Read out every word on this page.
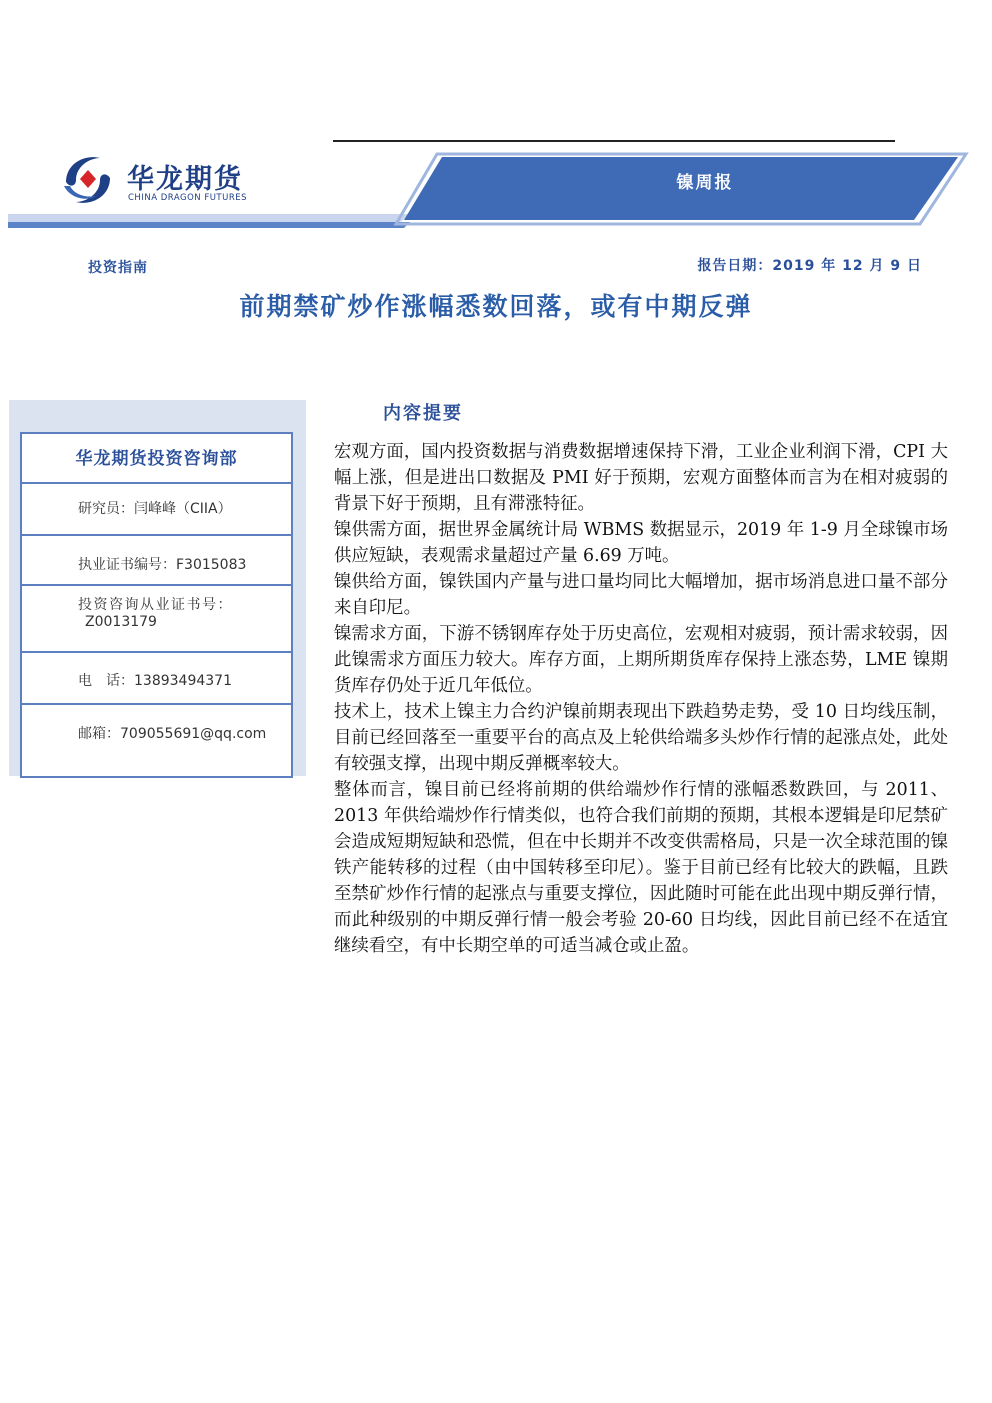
华龙期货
CHINA DRAGON FUTURES
镍周报
投资指南	报告日期：2019 年 12 月 9 日
前期禁矿炒作涨幅悉数回落，或有中期反弹
华龙期货投资咨询部
研究员：闫峰峰（CIIA）
执业证书编号：F3015083
投资咨询从业证书号：
Z0013179
电　话：13893494371
邮箱：709055691@qq.com
内容提要

宏观方面，国内投资数据与消费数据增速保持下滑，工业企业利润下滑，CPI 大幅上涨，但是进出口数据及 PMI 好于预期，宏观方面整体而言为在相对疲弱的背景下好于预期，且有滞涨特征。

镍供需方面，据世界金属统计局 WBMS 数据显示，2019 年 1-9 月全球镍市场供应短缺，表观需求量超过产量 6.69 万吨。

镍供给方面，镍铁国内产量与进口量均同比大幅增加，据市场消息进口量不部分来自印尼。

镍需求方面，下游不锈钢库存处于历史高位，宏观相对疲弱，预计需求较弱，因此镍需求方面压力较大。库存方面，上期所期货库存保持上涨态势，LME 镍期货库存仍处于近几年低位。

技术上，技术上镍主力合约沪镍前期表现出下跌趋势走势，受 10 日均线压制，目前已经回落至一重要平台的高点及上轮供给端多头炒作行情的起涨点处，此处有较强支撑，出现中期反弹概率较大。

整体而言，镍目前已经将前期的供给端炒作行情的涨幅悉数跌回，与 2011、2013 年供给端炒作行情类似，也符合我们前期的预期，其根本逻辑是印尼禁矿会造成短期短缺和恐慌，但在中长期并不改变供需格局，只是一次全球范围的镍铁产能转移的过程（由中国转移至印尼）。鉴于目前已经有比较大的跌幅，且跌至禁矿炒作行情的起涨点与重要支撑位，因此随时可能在此出现中期反弹行情，而此种级别的中期反弹行情一般会考验 20-60 日均线，因此目前已经不在适宜继续看空，有中长期空单的可适当减仓或止盈。
